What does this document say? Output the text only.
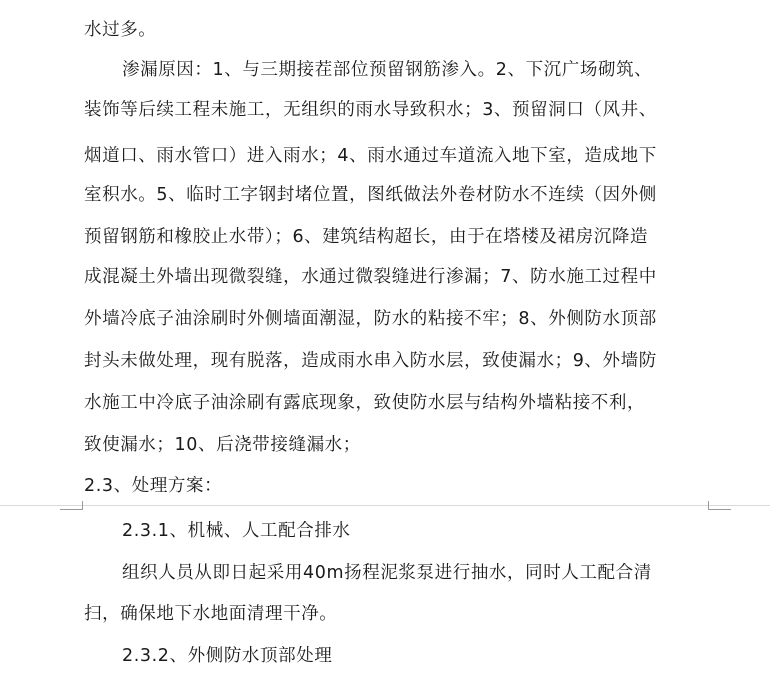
水过多。
渗漏原因：1、与三期接茬部位预留钢筋渗入。2、下沉广场砌筑、
装饰等后续工程未施工，无组织的雨水导致积水；3、预留洞口（风井、
烟道口、雨水管口）进入雨水；4、雨水通过车道流入地下室，造成地下
室积水。5、临时工字钢封堵位置，图纸做法外卷材防水不连续（因外侧
预留钢筋和橡胶止水带）；6、建筑结构超长，由于在塔楼及裙房沉降造
成混凝土外墙出现微裂缝，水通过微裂缝进行渗漏；7、防水施工过程中
外墙冷底子油涂刷时外侧墙面潮湿，防水的粘接不牢；8、外侧防水顶部
封头未做处理，现有脱落，造成雨水串入防水层，致使漏水；9、外墙防
水施工中冷底子油涂刷有露底现象，致使防水层与结构外墙粘接不利，
致使漏水；10、后浇带接缝漏水；
2.3、处理方案：
2.3.1、机械、人工配合排水
组织人员从即日起采用40m扬程泥浆泵进行抽水，同时人工配合清
扫，确保地下水地面清理干净。
2.3.2、外侧防水顶部处理
